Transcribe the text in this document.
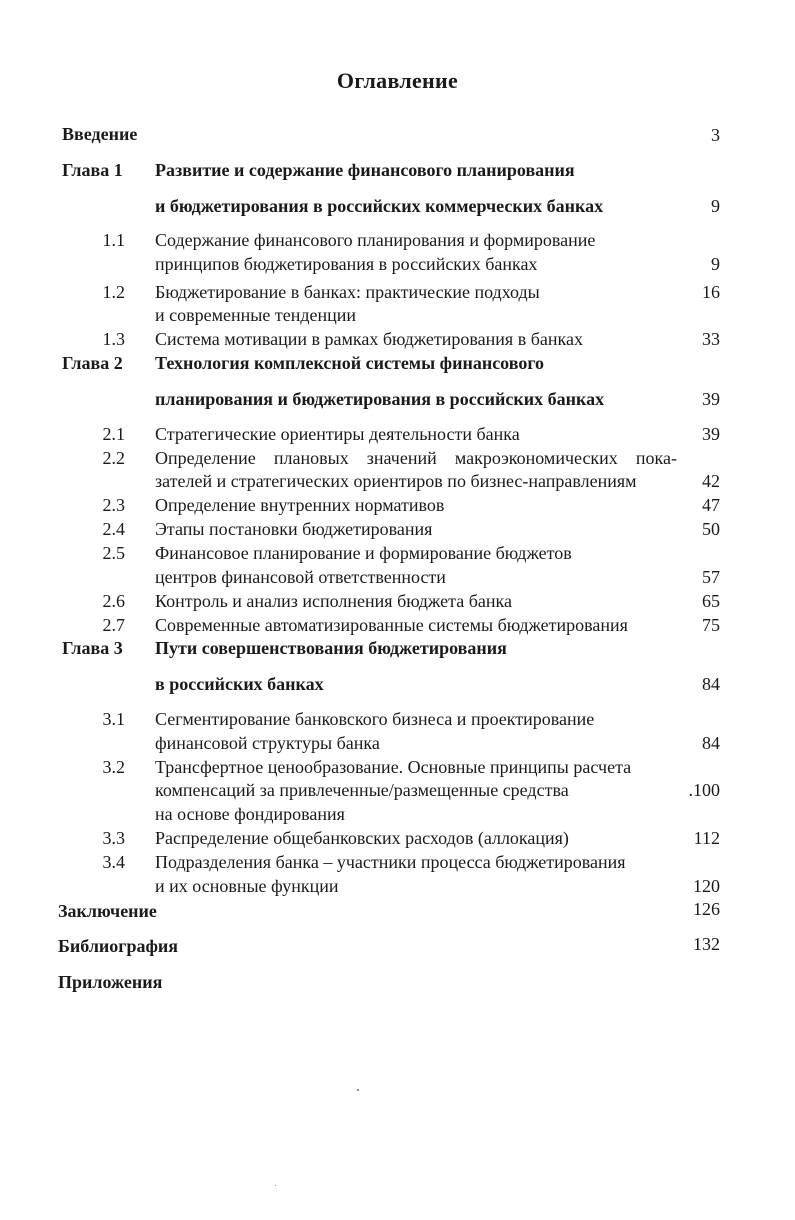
Оглавление
Введение	3
Глава 1 Развитие и содержание финансового планирования
и бюджетирования в российских коммерческих банках	9
1.1 Содержание финансового планирования и формирование
принципов бюджетирования в российских банках	9
1.2 Бюджетирование в банках: практические подходы	16
и современные тенденции
1.3 Система мотивации в рамках бюджетирования в банках	33
Глава 2 Технология комплексной системы финансового
планирования и бюджетирования в российских банках	39
2.1 Стратегические ориентиры деятельности банка	39
2.2 Определение плановых значений макроэкономических пока-
зателей и стратегических ориентиров по бизнес-направлениям	42
2.3 Определение внутренних нормативов	47
2.4 Этапы постановки бюджетирования	50
2.5 Финансовое планирование и формирование бюджетов
центров финансовой ответственности	57
2.6 Контроль и анализ исполнения бюджета банка	65
2.7 Современные автоматизированные системы бюджетирования	75
Глава 3 Пути совершенствования бюджетирования
в российских банках	84
3.1 Сегментирование банковского бизнеса и проектирование
финансовой структуры банка	84
3.2 Трансфертное ценообразование. Основные принципы расчета
компенсаций за привлеченные/размещенные средства	.100
на основе фондирования
3.3 Распределение общебанковских расходов (аллокация)	112
3.4 Подразделения банка – участники процесса бюджетирования
и их основные функции	120
Заключение	126
Библиография	132
Приложения
